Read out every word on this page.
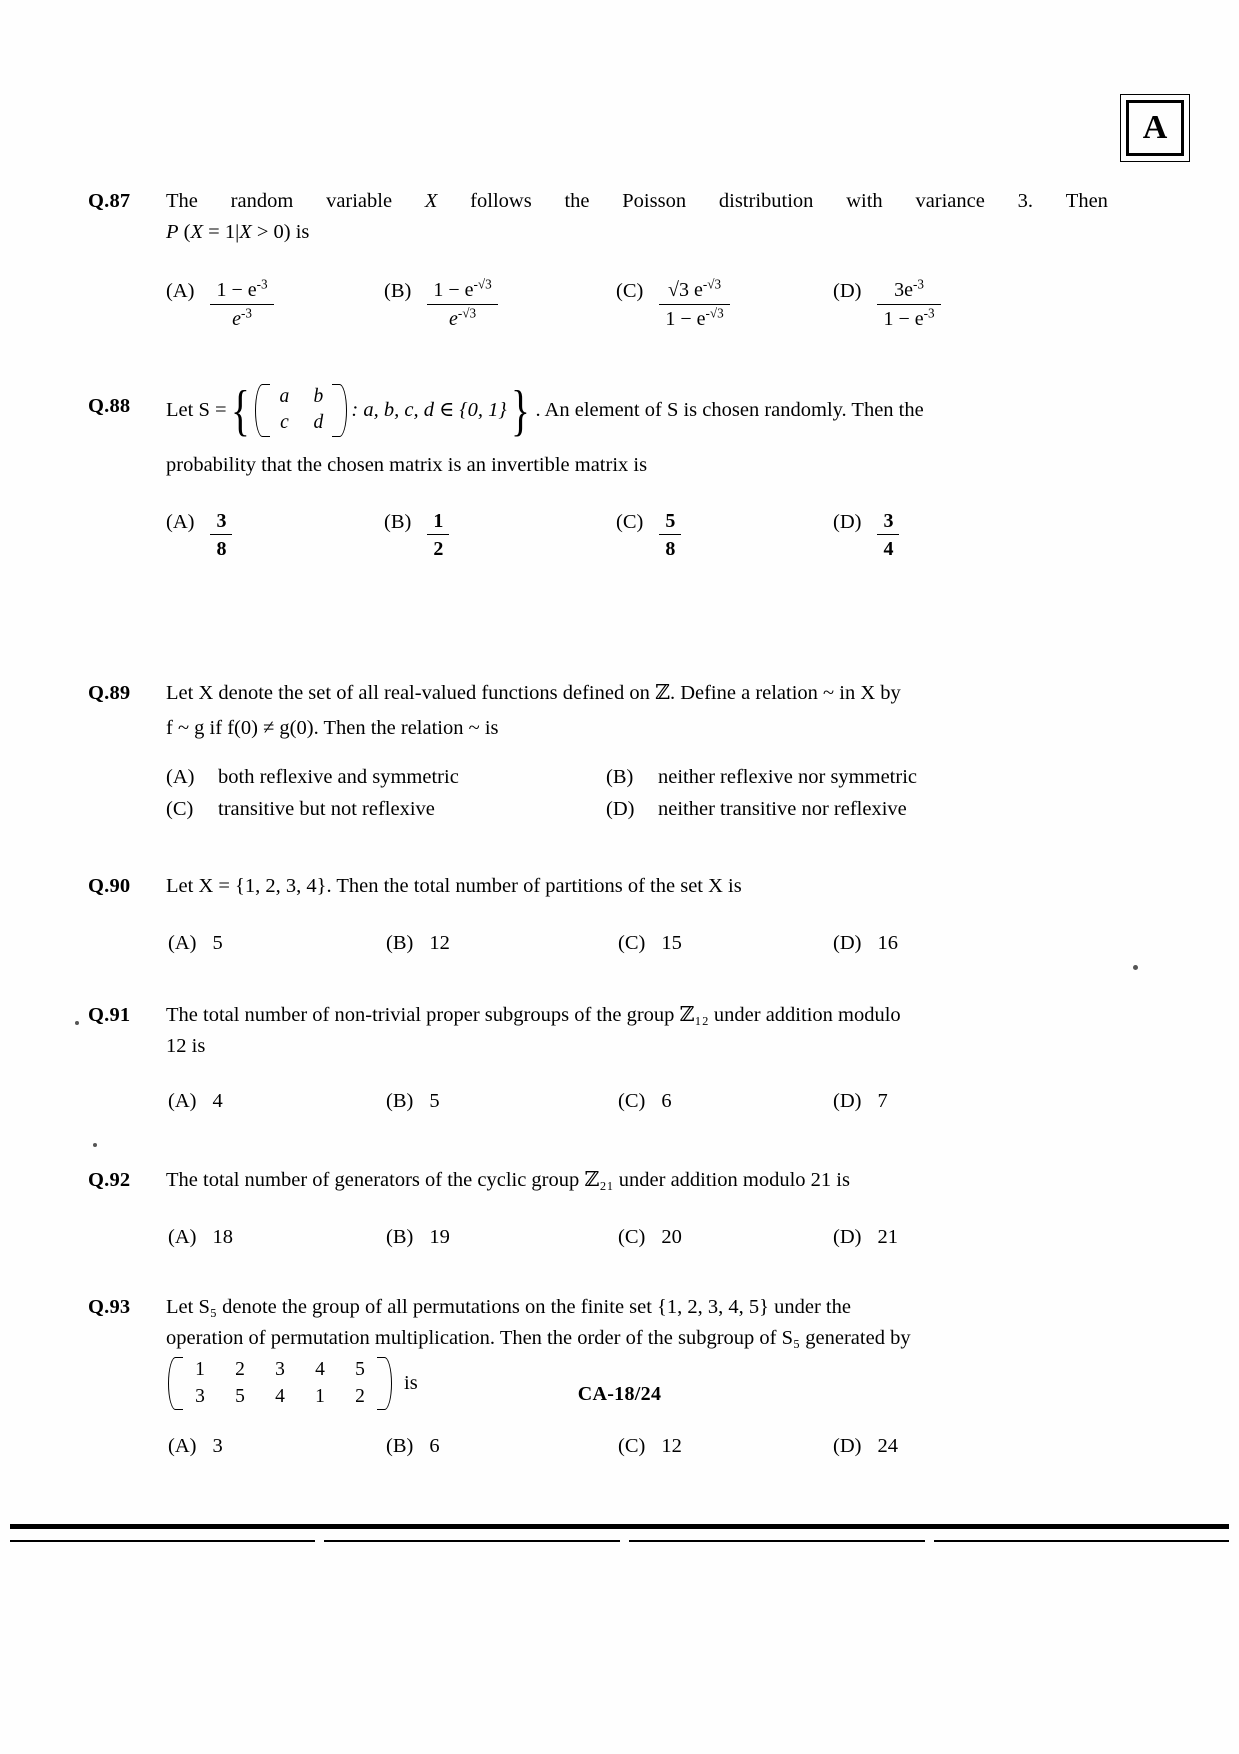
A
Q.87	The random variable X follows the Poisson distribution with variance 3. Then
P (X = 1|X > 0) is
$(A) \frac{1 - e^{-3}}{e^{-3}}$	$(B) \frac{1 - e^{-√3}}{e^{-√3}}$	$(C) \frac{√3 e^{-√3}}{1 - e^{-√3}}$	$(D) \frac{3e^{-3}}{1 - e^{-3}}$
Q.88	Let S = {	a b
c d
: a, b, c, d ∈ {0, 1} } . An element of S is chosen randomly. Then the
probability that the chosen matrix is an invertible matrix is
$(A) \frac{3}{8}$	$(B) \frac{1}{2}$	$(C) \frac{5}{8}$	$(D) \frac{3}{4}$
Q.89	Let X denote the set of all real-valued functions defined on ℤ. Define a relation ~ in X by
f ~ g if f(0) ≠ g(0). Then the relation ~ is
(A) both reflexive and symmetric	(B) neither reflexive nor symmetric
(C) transitive but not reflexive	(D) neither transitive nor reflexive
Q.90	Let X = {1, 2, 3, 4}. Then the total number of partitions of the set X is
(A) 5	(B) 12	(C) 15	(D) 16
Q.91	The total number of non-trivial proper subgroups of the group ℤ₁₂ under addition modulo
12 is
(A) 4	(B) 5	(C) 6	(D) 7
Q.92	The total number of generators of the cyclic group ℤ₂₁ under addition modulo 21 is
(A) 18	(B) 19	(C) 20	(D) 21
Q.93	Let S₅ denote the group of all permutations on the finite set {1, 2, 3, 4, 5} under the
operation of permutation multiplication. Then the order of the subgroup of S₅ generated by
1 2 3 4 5
3 5 4 1 2
is
(A) 3	(B) 6	(C) 12	(D) 24
CA-18/24
